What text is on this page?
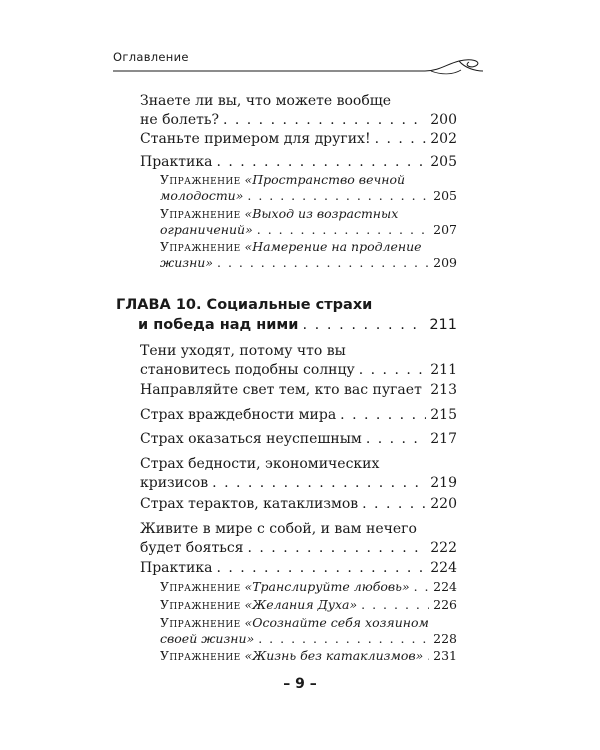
Оглавление
Знаете ли вы, что можете вообще
не болеть? . . .	200
Станьте примером для других! . . .	202
Практика . . .	205
Упражнение
«Пространство вечной
молодости» . . .	205
Упражнение
«Выход из возрастных
ограничений» . . .	207
Упражнение
«Намерение на продление
жизни» . . .	209
ГЛАВА 10. Социальные страхи
и победа над ними . . .	211
Тени уходят, потому что вы
становитесь подобны солнцу . . .	211
Направляйте свет тем, кто вас пугает . . . 213
Страх враждебности мира . . .	215
Страх оказаться неуспешным . . .	217
Страх бедности, экономических
кризисов . . .	219
Страх терактов, катаклизмов . . .	220
Живите в мире с собой, и вам нечего
будет бояться . . .	222
Практика . . .	224
Упражнение
«Транслируйте любовь» . . . 224
Упражнение
«Желания Духа» . . .	226
Упражнение
«Осознайте себя хозяином
своей жизни» . . .	228
Упражнение
«Жизнь без катаклизмов» . . . 231
– 9 –
